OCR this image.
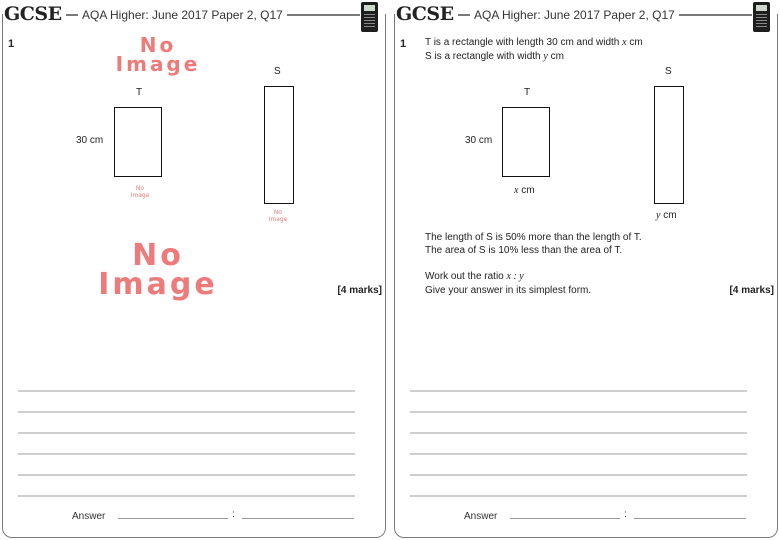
GCSE	AQA Higher: June 2017 Paper 2, Q17
1	No
Image	S
T
30 cm
No
Image
No
Image
No
Image	[4 marks]
Answer	:
GCSE	AQA Higher: June 2017 Paper 2, Q17
1 T is a rectangle with length 30 cm and width x cm
S is a rectangle with width y cm
S
T
30 cm
x cm
y cm
The length of S is 50% more than the length of T.
The area of S is 10% less than the area of T.
Work out the ratio x : y
Give your answer in its simplest form.	[4 marks]
Answer	:
